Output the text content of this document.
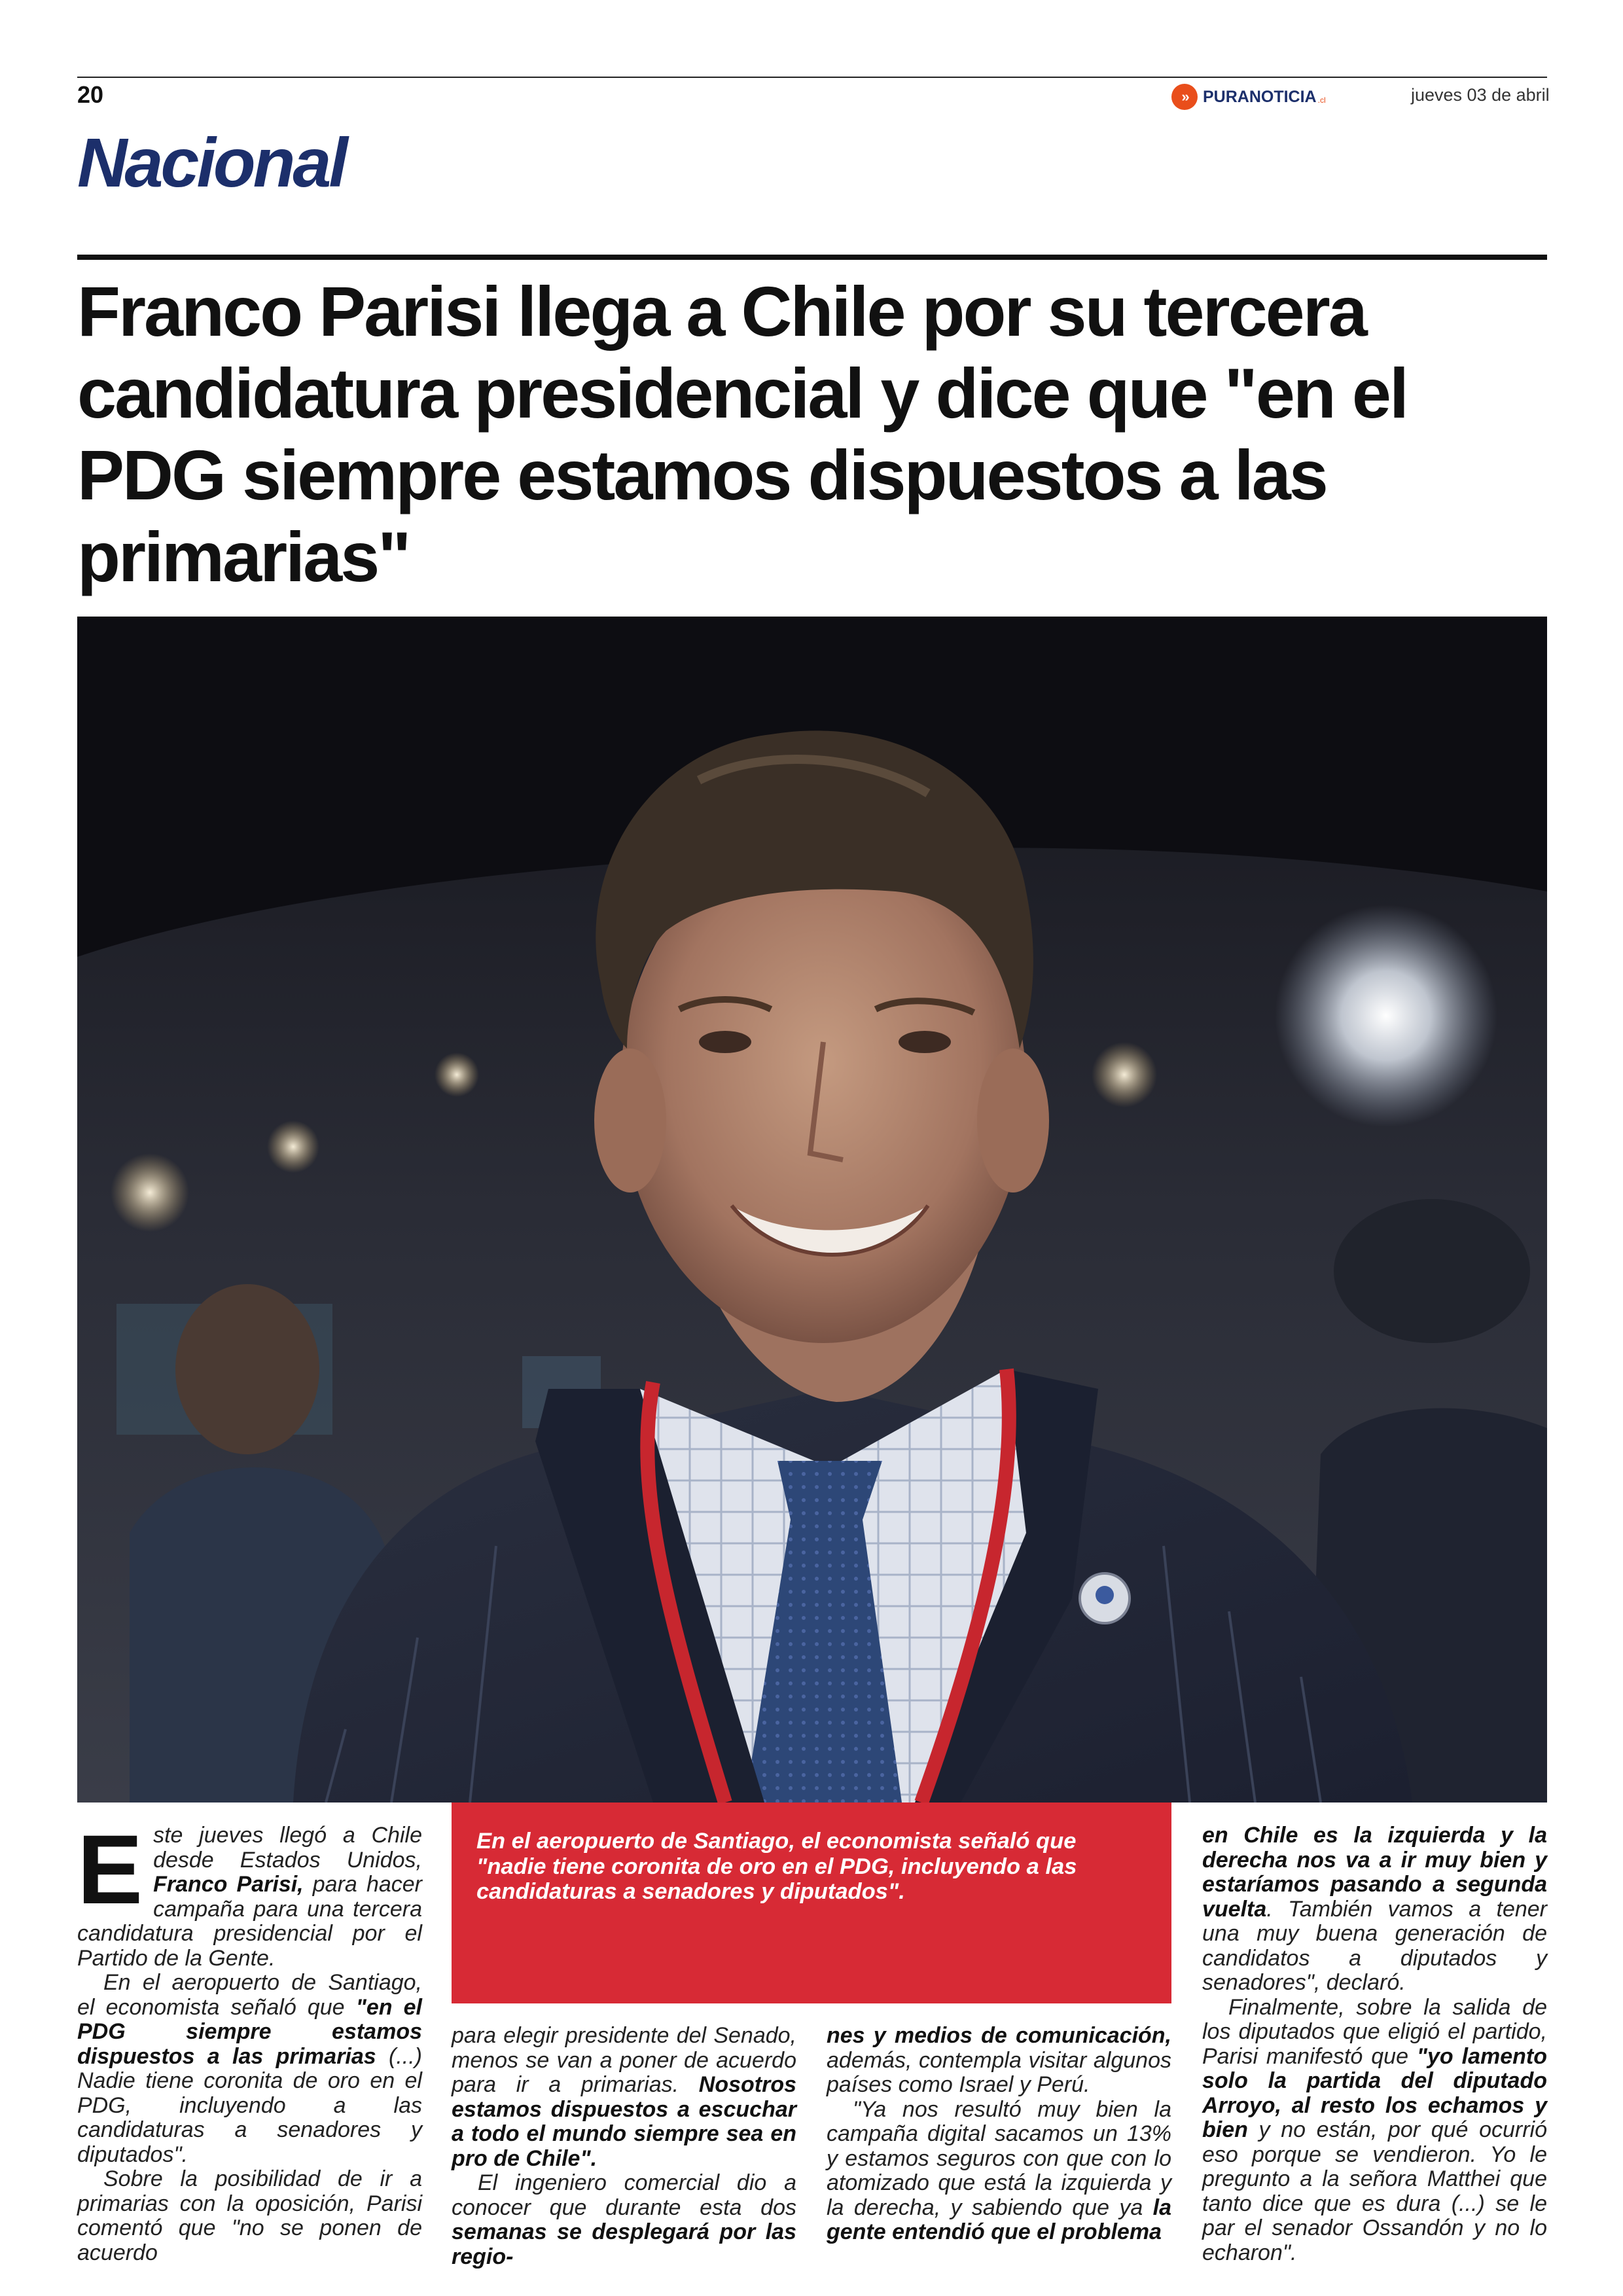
20	» PURANOTICIA .cl	jueves 03 de abril
Nacional
Franco Parisi llega a Chile por su tercera candidatura presidencial y dice que "en el PDG siempre estamos dispuestos a las primarias"

E ste jueves llegó a Chile desde Estados Unidos, Franco Parisi, para hacer campaña para una tercera candidatura presidencial por el Partido de la Gente.

En el aeropuerto de Santiago, el economista señaló que "en el PDG siempre estamos dispuestos a las primarias (...) Nadie tiene coronita de oro en el PDG, incluyendo a las candidaturas a senadores y diputados".

Sobre la posibilidad de ir a primarias con la oposición, Parisi comentó que "no se ponen de acuerdo

En el aeropuerto de Santiago, el economista señaló que "nadie tiene coronita de oro en el PDG, incluyendo a las candidaturas a senadores y diputados".

para elegir presidente del Senado, menos se van a poner de acuerdo para ir a primarias. Nosotros estamos dispuestos a escuchar a todo el mundo siempre sea en pro de Chile".

El ingeniero comercial dio a conocer que durante esta dos semanas se desplegará por las regio-

nes y medios de comunicación, además, contempla visitar algunos países como Israel y Perú.

"Ya nos resultó muy bien la campaña digital sacamos un 13% y estamos seguros con que con lo atomizado que está la izquierda y la derecha, y sabiendo que ya la gente entendió que el problema

en Chile es la izquierda y la derecha nos va a ir muy bien y estaríamos pasando a segunda vuelta. También vamos a tener una muy buena generación de candidatos a diputados y senadores", declaró.

Finalmente, sobre la salida de los diputados que eligió el partido, Parisi manifestó que "yo lamento solo la partida del diputado Arroyo, al resto los echamos y bien y no están, por qué ocurrió eso porque se vendieron. Yo le pregunto a la señora Matthei que tanto dice que es dura (...) se le par el senador Ossandón y no lo echaron".
